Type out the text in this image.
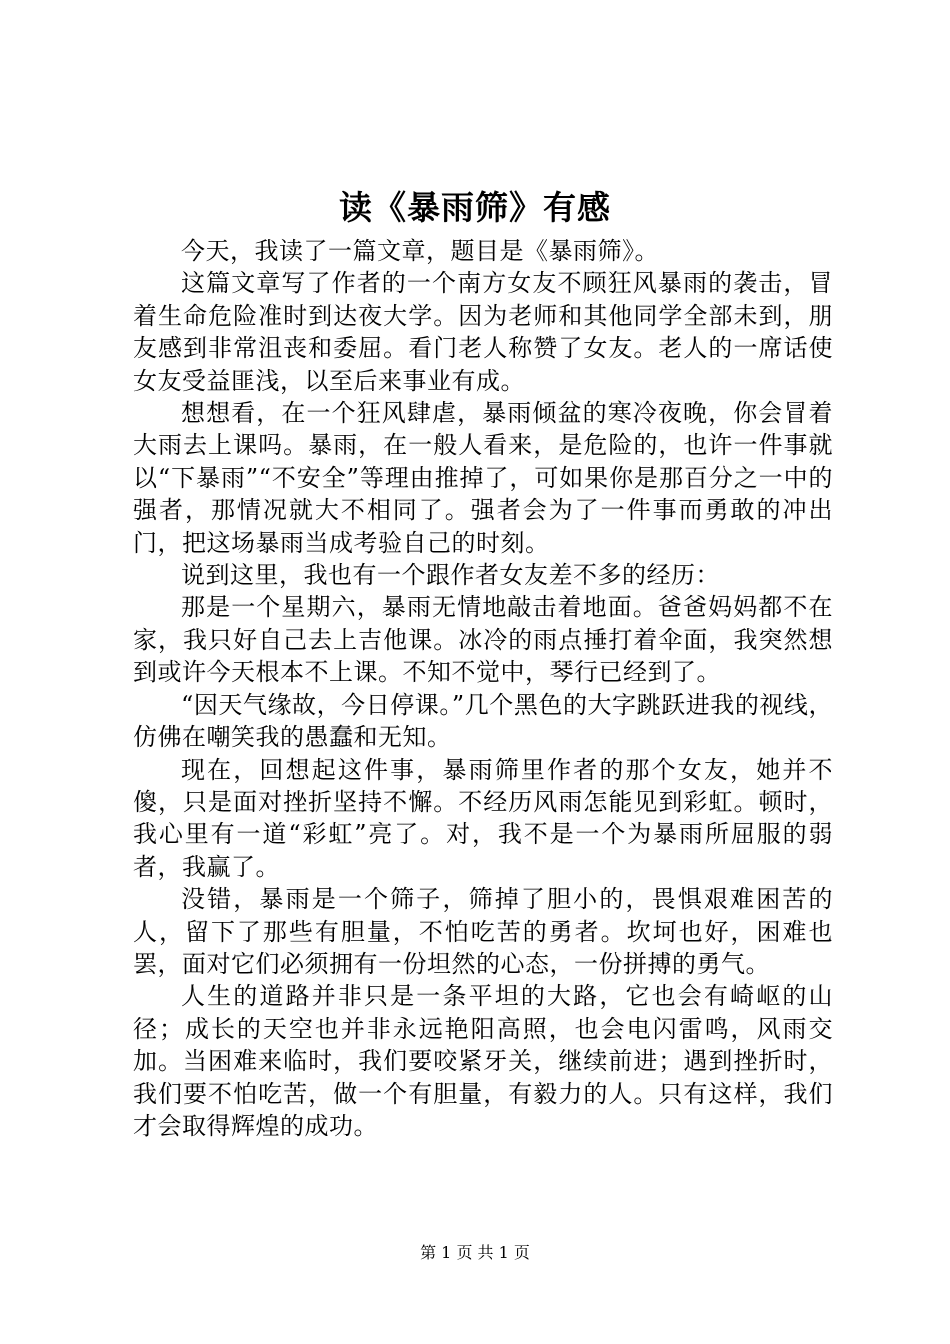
读《暴雨筛》有感

今天，我读了一篇文章，题目是《暴雨筛》。

这篇文章写了作者的一个南方女友不顾狂风暴雨的袭击，冒着生命危险准时到达夜大学。因为老师和其他同学全部未到，朋友感到非常沮丧和委屈。看门老人称赞了女友。老人的一席话使女友受益匪浅，以至后来事业有成。

想想看，在一个狂风肆虐，暴雨倾盆的寒冷夜晚，你会冒着大雨去上课吗。暴雨，在一般人看来，是危险的，也许一件事就以“下暴雨”“不安全”等理由推掉了，可如果你是那百分之一中的强者，那情况就大不相同了。强者会为了一件事而勇敢的冲出门，把这场暴雨当成考验自己的时刻。

说到这里，我也有一个跟作者女友差不多的经历：

那是一个星期六，暴雨无情地敲击着地面。爸爸妈妈都不在家，我只好自己去上吉他课。冰冷的雨点捶打着伞面，我突然想到或许今天根本不上课。不知不觉中，琴行已经到了。

“因天气缘故，今日停课。”几个黑色的大字跳跃进我的视线，仿佛在嘲笑我的愚蠢和无知。

现在，回想起这件事，暴雨筛里作者的那个女友，她并不傻，只是面对挫折坚持不懈。不经历风雨怎能见到彩虹。顿时，我心里有一道“彩虹”亮了。对，我不是一个为暴雨所屈服的弱者，我赢了。

没错，暴雨是一个筛子，筛掉了胆小的，畏惧艰难困苦的人，留下了那些有胆量，不怕吃苦的勇者。坎坷也好，困难也罢，面对它们必须拥有一份坦然的心态，一份拼搏的勇气。

人生的道路并非只是一条平坦的大路，它也会有崎岖的山径；成长的天空也并非永远艳阳高照，也会电闪雷鸣，风雨交加。当困难来临时，我们要咬紧牙关，继续前进；遇到挫折时，我们要不怕吃苦，做一个有胆量，有毅力的人。只有这样，我们才会取得辉煌的成功。

第 1 页 共 1 页
